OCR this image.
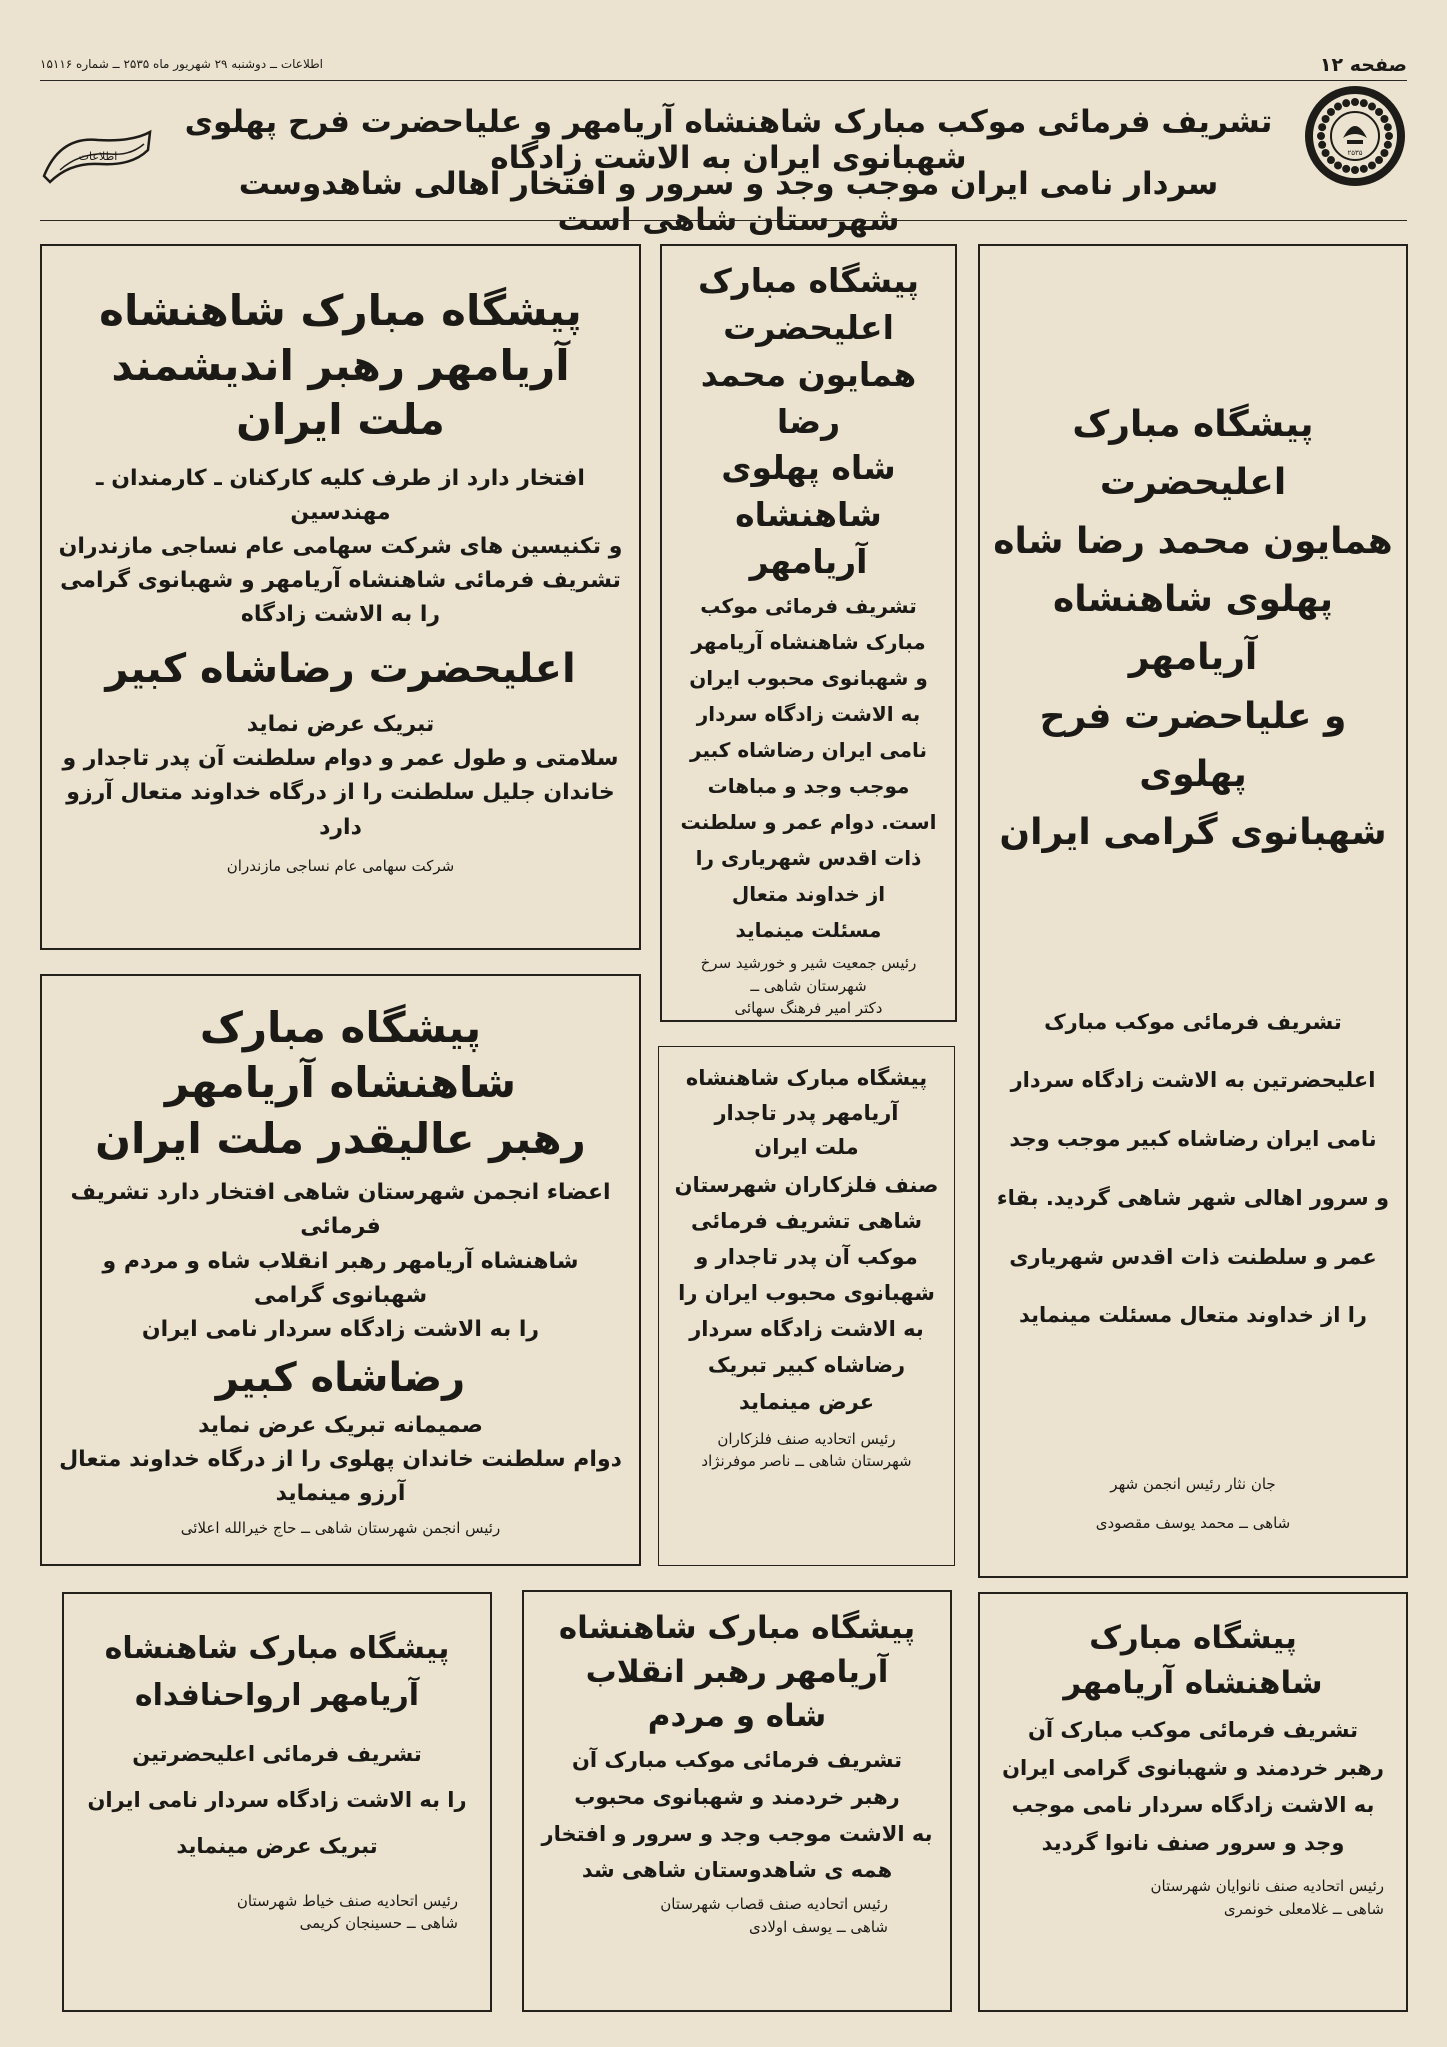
صفحه ۱۲
اطلاعات ــ دوشنبه ۲۹ شهریور ماه ۲۵۳۵ ــ شماره ۱۵۱۱۶
۲۵۳۵
اطلاعات
تشریف فرمائی موکب مبارک شاهنشاه آریامهر و علیاحضرت فرح پهلوی شهبانوی ایران به الاشت زادگاه
سردار نامی ایران موجب وجد و سرور و افتخار اهالی شاهدوست شهرستان شاهی است
پیشگاه مبارک شاهنشاه
آریامهر رهبر اندیشمند
ملت ایران
افتخار دارد از طرف کلیه کارکنان ـ کارمندان ـ مهندسین
و تکنیسین های شرکت سهامی عام نساجی مازندران
تشریف فرمائی شاهنشاه آریامهر و شهبانوی گرامی
را به الاشت زادگاه
اعلیحضرت رضاشاه کبیر
تبریک عرض نماید
سلامتی و طول عمر و دوام سلطنت آن پدر تاجدار و
خاندان جلیل سلطنت را از درگاه خداوند متعال آرزو دارد
شرکت سهامی عام نساجی مازندران
پیشگاه مبارک
اعلیحضرت
همایون محمد رضا
شاه پهلوی
شاهنشاه آریامهر
تشریف فرمائی موکب
مبارک شاهنشاه آریامهر
و شهبانوی محبوب ایران
به الاشت زادگاه سردار
نامی ایران رضاشاه کبیر
موجب وجد و مباهات
است. دوام عمر و سلطنت
ذات اقدس شهریاری را
از خداوند متعال
مسئلت مینماید
رئیس جمعیت شیر و خورشید سرخ
شهرستان شاهی ــ
دکتر امیر فرهنگ سهائی
پیشگاه مبارک اعلیحضرت
همایون محمد رضا شاه
پهلوی شاهنشاه آریامهر
و علیاحضرت فرح پهلوی
شهبانوی گرامی ایران
تشریف فرمائی موکب مبارک
اعلیحضرتین به الاشت زادگاه سردار
نامی ایران رضاشاه کبیر موجب وجد
و سرور اهالی شهر شاهی گردید. بقاء
عمر و سلطنت ذات اقدس شهریاری
را از خداوند متعال مسئلت مینماید
جان نثار رئیس انجمن شهر
شاهی ــ محمد یوسف مقصودی
پیشگاه مبارک
شاهنشاه آریامهر
رهبر عالیقدر ملت ایران
اعضاء انجمن شهرستان شاهی افتخار دارد تشریف فرمائی
شاهنشاه آریامهر رهبر انقلاب شاه و مردم و شهبانوی گرامی
را به الاشت زادگاه سردار نامی ایران
رضاشاه کبیر
صمیمانه تبریک عرض نماید
دوام سلطنت خاندان پهلوی را از درگاه خداوند متعال
آرزو مینماید
رئیس انجمن شهرستان شاهی ــ حاج خیرالله اعلائی
پیشگاه مبارک شاهنشاه
آریامهر پدر تاجدار
ملت ایران
صنف فلزکاران شهرستان
شاهی تشریف فرمائی
موکب آن پدر تاجدار و
شهبانوی محبوب ایران را
به الاشت زادگاه سردار
رضاشاه کبیر تبریک
عرض مینماید
رئیس اتحادیه صنف فلزکاران
شهرستان شاهی ــ ناصر موفرنژاد
پیشگاه مبارک شاهنشاه
آریامهر ارواحنافداه
تشریف فرمائی اعلیحضرتین
را به الاشت زادگاه سردار نامی ایران
تبریک عرض مینماید
رئیس اتحادیه صنف خیاط شهرستان
شاهی ــ حسینجان کریمی
پیشگاه مبارک شاهنشاه
آریامهر رهبر انقلاب
شاه و مردم
تشریف فرمائی موکب مبارک آن
رهبر خردمند و شهبانوی محبوب
به الاشت موجب وجد و سرور و افتخار
همه ی شاهدوستان شاهی شد
رئیس اتحادیه صنف قصاب شهرستان
شاهی ــ یوسف اولادی
پیشگاه مبارک
شاهنشاه آریامهر
تشریف فرمائی موکب مبارک آن
رهبر خردمند و شهبانوی گرامی ایران
به الاشت زادگاه سردار نامی موجب
وجد و سرور صنف نانوا گردید
رئیس اتحادیه صنف نانوایان شهرستان
شاهی ــ غلامعلی خونمری
